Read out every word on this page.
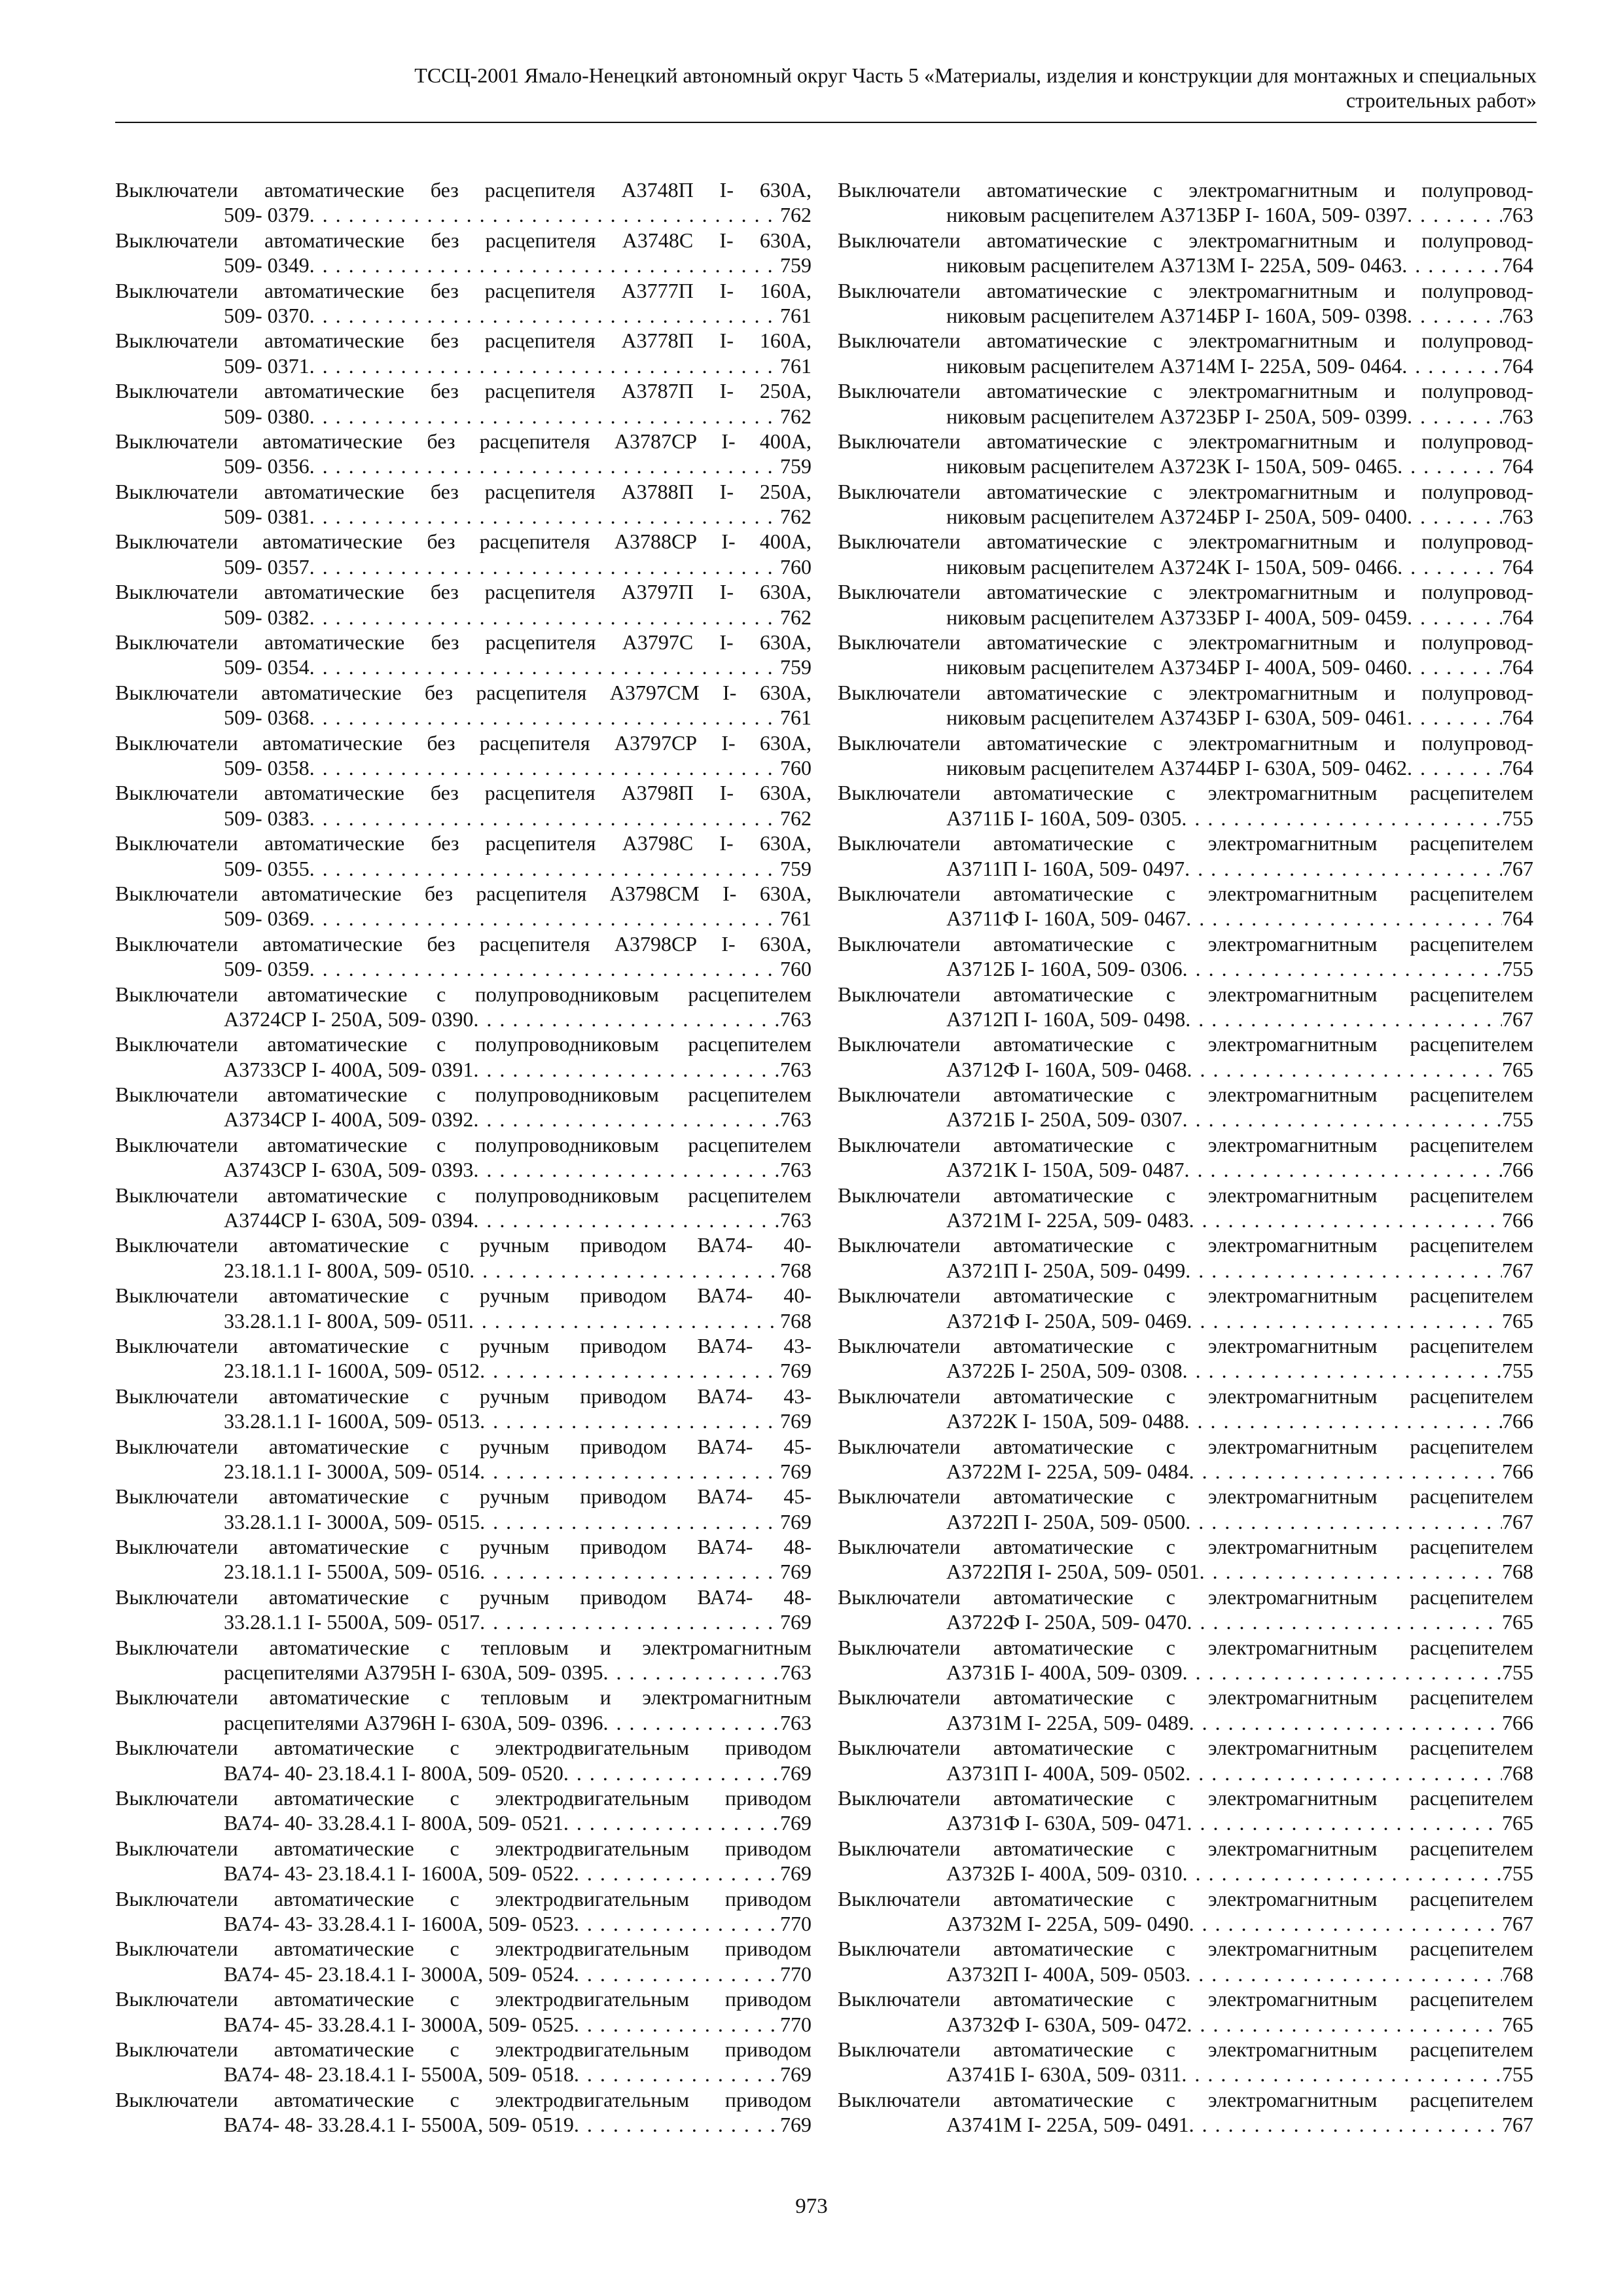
ТССЦ-2001 Ямало-Ненецкий автономный округ Часть 5 «Материалы, изделия и конструкции для монтажных и специальных
строительных работ»
Выключатели автоматические без расцепителя А3748П I- 630А,
509- 0379 . . .	762
Выключатели автоматические без расцепителя А3748С I- 630А,
509- 0349 . . .	759
Выключатели автоматические без расцепителя А3777П I- 160А,
509- 0370 . . .	761
Выключатели автоматические без расцепителя А3778П I- 160А,
509- 0371 . . .	761
Выключатели автоматические без расцепителя А3787П I- 250А,
509- 0380 . . .	762
Выключатели автоматические без расцепителя А3787СР I- 400А,
509- 0356 . . .	759
Выключатели автоматические без расцепителя А3788П I- 250А,
509- 0381 . . .	762
Выключатели автоматические без расцепителя А3788СР I- 400А,
509- 0357 . . .	760
Выключатели автоматические без расцепителя А3797П I- 630А,
509- 0382 . . .	762
Выключатели автоматические без расцепителя А3797С I- 630А,
509- 0354 . . .	759
Выключатели автоматические без расцепителя А3797СМ I- 630А,
509- 0368 . . .	761
Выключатели автоматические без расцепителя А3797СР I- 630А,
509- 0358 . . .	760
Выключатели автоматические без расцепителя А3798П I- 630А,
509- 0383 . . .	762
Выключатели автоматические без расцепителя А3798С I- 630А,
509- 0355 . . .	759
Выключатели автоматические без расцепителя А3798СМ I- 630А,
509- 0369 . . .	761
Выключатели автоматические без расцепителя А3798СР I- 630А,
509- 0359 . . .	760
Выключатели автоматические с полупроводниковым расцепителем
А3724СР I- 250А, 509- 0390 . . .	763
Выключатели автоматические с полупроводниковым расцепителем
А3733СР I- 400А, 509- 0391 . . .	763
Выключатели автоматические с полупроводниковым расцепителем
А3734СР I- 400А, 509- 0392 . . .	763
Выключатели автоматические с полупроводниковым расцепителем
А3743СР I- 630А, 509- 0393 . . .	763
Выключатели автоматические с полупроводниковым расцепителем
А3744СР I- 630А, 509- 0394 . . .	763
Выключатели автоматические с ручным приводом ВА74- 40-
23.18.1.1 I- 800А, 509- 0510 . . .	768
Выключатели автоматические с ручным приводом ВА74- 40-
33.28.1.1 I- 800А, 509- 0511 . . .	768
Выключатели автоматические с ручным приводом ВА74- 43-
23.18.1.1 I- 1600А, 509- 0512 . . .	769
Выключатели автоматические с ручным приводом ВА74- 43-
33.28.1.1 I- 1600А, 509- 0513 . . .	769
Выключатели автоматические с ручным приводом ВА74- 45-
23.18.1.1 I- 3000А, 509- 0514 . . .	769
Выключатели автоматические с ручным приводом ВА74- 45-
33.28.1.1 I- 3000А, 509- 0515 . . .	769
Выключатели автоматические с ручным приводом ВА74- 48-
23.18.1.1 I- 5500А, 509- 0516 . . .	769
Выключатели автоматические с ручным приводом ВА74- 48-
33.28.1.1 I- 5500А, 509- 0517 . . .	769
Выключатели автоматические с тепловым и электромагнитным
расцепителями А3795Н I- 630А, 509- 0395 . . .	763
Выключатели автоматические с тепловым и электромагнитным
расцепителями А3796Н I- 630А, 509- 0396 . . .	763
Выключатели автоматические с электродвигательным приводом
ВА74- 40- 23.18.4.1 I- 800А, 509- 0520 . . .	769
Выключатели автоматические с электродвигательным приводом
ВА74- 40- 33.28.4.1 I- 800А, 509- 0521 . . .	769
Выключатели автоматические с электродвигательным приводом
ВА74- 43- 23.18.4.1 I- 1600А, 509- 0522 . . .	769
Выключатели автоматические с электродвигательным приводом
ВА74- 43- 33.28.4.1 I- 1600А, 509- 0523 . . .	770
Выключатели автоматические с электродвигательным приводом
ВА74- 45- 23.18.4.1 I- 3000А, 509- 0524 . . .	770
Выключатели автоматические с электродвигательным приводом
ВА74- 45- 33.28.4.1 I- 3000А, 509- 0525 . . .	770
Выключатели автоматические с электродвигательным приводом
ВА74- 48- 23.18.4.1 I- 5500А, 509- 0518 . . .	769
Выключатели автоматические с электродвигательным приводом
ВА74- 48- 33.28.4.1 I- 5500А, 509- 0519 . . .	769
Выключатели автоматические с электромагнитным и полупровод-
никовым расцепителем А3713БР I- 160А, 509- 0397 . . .	763
Выключатели автоматические с электромагнитным и полупровод-
никовым расцепителем А3713М I- 225А, 509- 0463 . . .	764
Выключатели автоматические с электромагнитным и полупровод-
никовым расцепителем А3714БР I- 160А, 509- 0398 . . .	763
Выключатели автоматические с электромагнитным и полупровод-
никовым расцепителем А3714М I- 225А, 509- 0464 . . .	764
Выключатели автоматические с электромагнитным и полупровод-
никовым расцепителем А3723БР I- 250А, 509- 0399 . . .	763
Выключатели автоматические с электромагнитным и полупровод-
никовым расцепителем А3723К I- 150А, 509- 0465 . . .	764
Выключатели автоматические с электромагнитным и полупровод-
никовым расцепителем А3724БР I- 250А, 509- 0400 . . .	763
Выключатели автоматические с электромагнитным и полупровод-
никовым расцепителем А3724К I- 150А, 509- 0466 . . .	764
Выключатели автоматические с электромагнитным и полупровод-
никовым расцепителем А3733БР I- 400А, 509- 0459 . . .	764
Выключатели автоматические с электромагнитным и полупровод-
никовым расцепителем А3734БР I- 400А, 509- 0460 . . .	764
Выключатели автоматические с электромагнитным и полупровод-
никовым расцепителем А3743БР I- 630А, 509- 0461 . . .	764
Выключатели автоматические с электромагнитным и полупровод-
никовым расцепителем А3744БР I- 630А, 509- 0462 . . .	764
Выключатели автоматические с электромагнитным расцепителем
А3711Б I- 160А, 509- 0305 . . .	755
Выключатели автоматические с электромагнитным расцепителем
А3711П I- 160А, 509- 0497 . . .	767
Выключатели автоматические с электромагнитным расцепителем
А3711Ф I- 160А, 509- 0467 . . .	764
Выключатели автоматические с электромагнитным расцепителем
А3712Б I- 160А, 509- 0306 . . .	755
Выключатели автоматические с электромагнитным расцепителем
А3712П I- 160А, 509- 0498 . . .	767
Выключатели автоматические с электромагнитным расцепителем
А3712Ф I- 160А, 509- 0468 . . .	765
Выключатели автоматические с электромагнитным расцепителем
А3721Б I- 250А, 509- 0307 . . .	755
Выключатели автоматические с электромагнитным расцепителем
А3721К I- 150А, 509- 0487 . . .	766
Выключатели автоматические с электромагнитным расцепителем
А3721М I- 225А, 509- 0483 . . .	766
Выключатели автоматические с электромагнитным расцепителем
А3721П I- 250А, 509- 0499 . . .	767
Выключатели автоматические с электромагнитным расцепителем
А3721Ф I- 250А, 509- 0469 . . .	765
Выключатели автоматические с электромагнитным расцепителем
А3722Б I- 250А, 509- 0308 . . .	755
Выключатели автоматические с электромагнитным расцепителем
А3722К I- 150А, 509- 0488 . . .	766
Выключатели автоматические с электромагнитным расцепителем
А3722М I- 225А, 509- 0484 . . .	766
Выключатели автоматические с электромагнитным расцепителем
А3722П I- 250А, 509- 0500 . . .	767
Выключатели автоматические с электромагнитным расцепителем
А3722ПЯ I- 250А, 509- 0501 . . .	768
Выключатели автоматические с электромагнитным расцепителем
А3722Ф I- 250А, 509- 0470 . . .	765
Выключатели автоматические с электромагнитным расцепителем
А3731Б I- 400А, 509- 0309 . . .	755
Выключатели автоматические с электромагнитным расцепителем
А3731М I- 225А, 509- 0489 . . .	766
Выключатели автоматические с электромагнитным расцепителем
А3731П I- 400А, 509- 0502 . . .	768
Выключатели автоматические с электромагнитным расцепителем
А3731Ф I- 630А, 509- 0471 . . .	765
Выключатели автоматические с электромагнитным расцепителем
А3732Б I- 400А, 509- 0310 . . .	755
Выключатели автоматические с электромагнитным расцепителем
А3732М I- 225А, 509- 0490 . . .	767
Выключатели автоматические с электромагнитным расцепителем
А3732П I- 400А, 509- 0503 . . .	768
Выключатели автоматические с электромагнитным расцепителем
А3732Ф I- 630А, 509- 0472 . . .	765
Выключатели автоматические с электромагнитным расцепителем
А3741Б I- 630А, 509- 0311 . . .	755
Выключатели автоматические с электромагнитным расцепителем
А3741М I- 225А, 509- 0491 . . .	767
973
